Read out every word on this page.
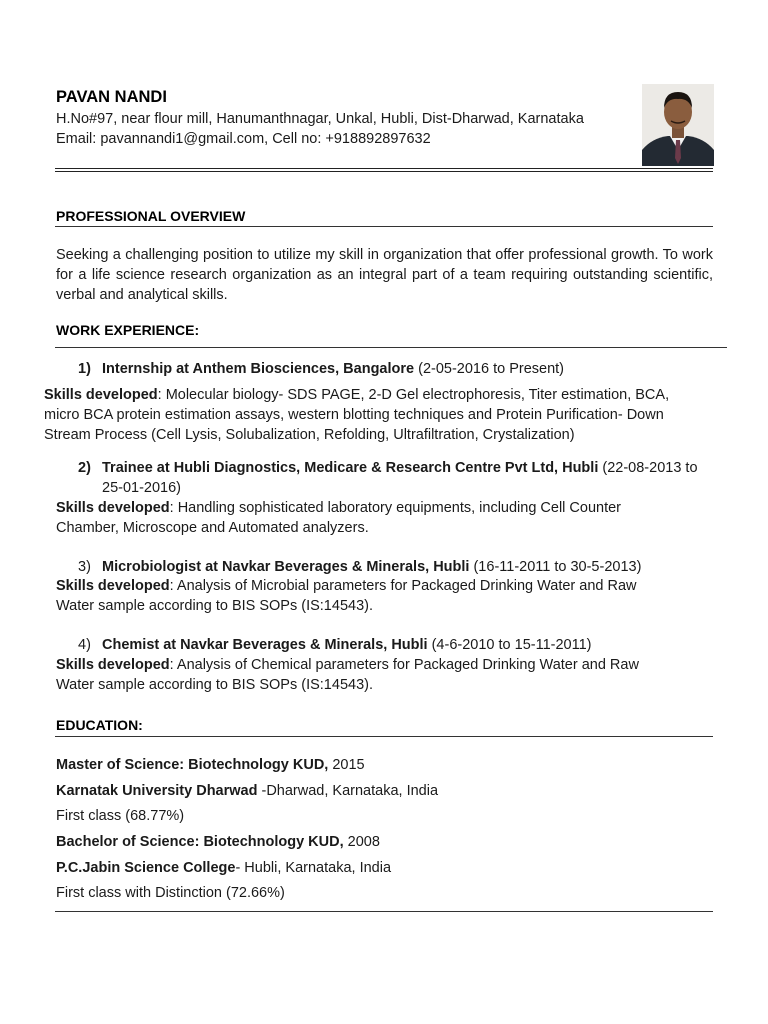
PAVAN NANDI
H.No#97, near flour mill, Hanumanthnagar, Unkal, Hubli, Dist-Dharwad, Karnataka
Email: pavannandi1@gmail.com, Cell no: +918892897632
PROFESSIONAL OVERVIEW
Seeking a challenging position to utilize my skill in organization that offer professional growth. To work for a life science research organization as an integral part of a team requiring outstanding scientific, verbal and analytical skills.
WORK EXPERIENCE:
1) Internship at Anthem Biosciences, Bangalore (2-05-2016 to Present)
Skills developed: Molecular biology- SDS PAGE, 2-D Gel electrophoresis, Titer estimation, BCA,
micro BCA protein estimation assays, western blotting techniques and Protein Purification- Down
Stream Process (Cell Lysis, Solubalization, Refolding, Ultrafiltration, Crystalization)
2) Trainee at Hubli Diagnostics, Medicare & Research Centre Pvt Ltd, Hubli (22-08-2013 to
25-01-2016)
Skills developed: Handling sophisticated laboratory equipments, including Cell Counter
Chamber, Microscope and Automated analyzers.
3) Microbiologist at Navkar Beverages & Minerals, Hubli (16-11-2011 to 30-5-2013)
Skills developed: Analysis of Microbial parameters for Packaged Drinking Water and Raw
Water sample according to BIS SOPs (IS:14543).
4) Chemist at Navkar Beverages & Minerals, Hubli (4-6-2010 to 15-11-2011)
Skills developed: Analysis of Chemical parameters for Packaged Drinking Water and Raw
Water sample according to BIS SOPs (IS:14543).
EDUCATION:
Master of Science: Biotechnology KUD, 2015
Karnatak University Dharwad -Dharwad, Karnataka, India
First class (68.77%)
Bachelor of Science: Biotechnology KUD, 2008
P.C.Jabin Science College- Hubli, Karnataka, India
First class with Distinction (72.66%)
